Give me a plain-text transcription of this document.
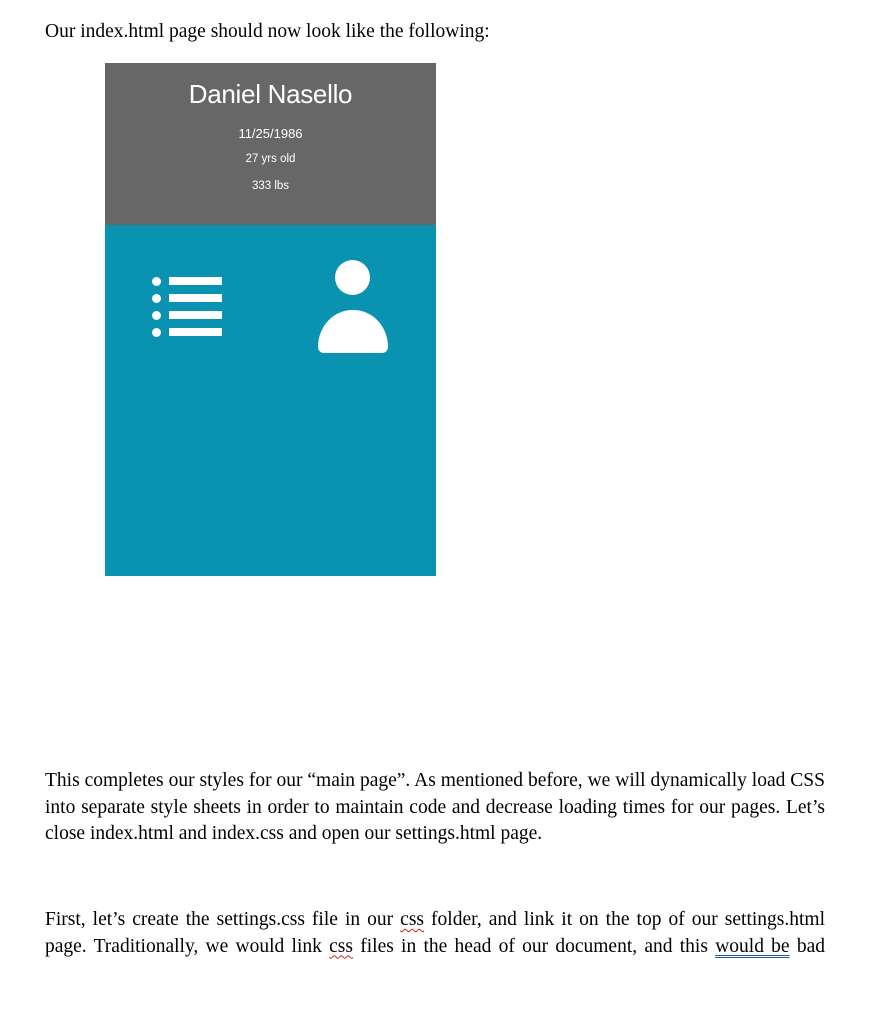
Our index.html page should now look like the following:
Daniel Nasello
11/25/1986
27 yrs old
333 lbs
This completes our styles for our “main page”. As mentioned before, we will dynamically load CSS into separate style sheets in order to maintain code and decrease loading times for our pages. Let’s close index.html and index.css and open our settings.html page.
First, let’s create the settings.css file in our css folder, and link it on the top of our settings.html
page. Traditionally, we would link css files in the head of our document, and this would be bad
